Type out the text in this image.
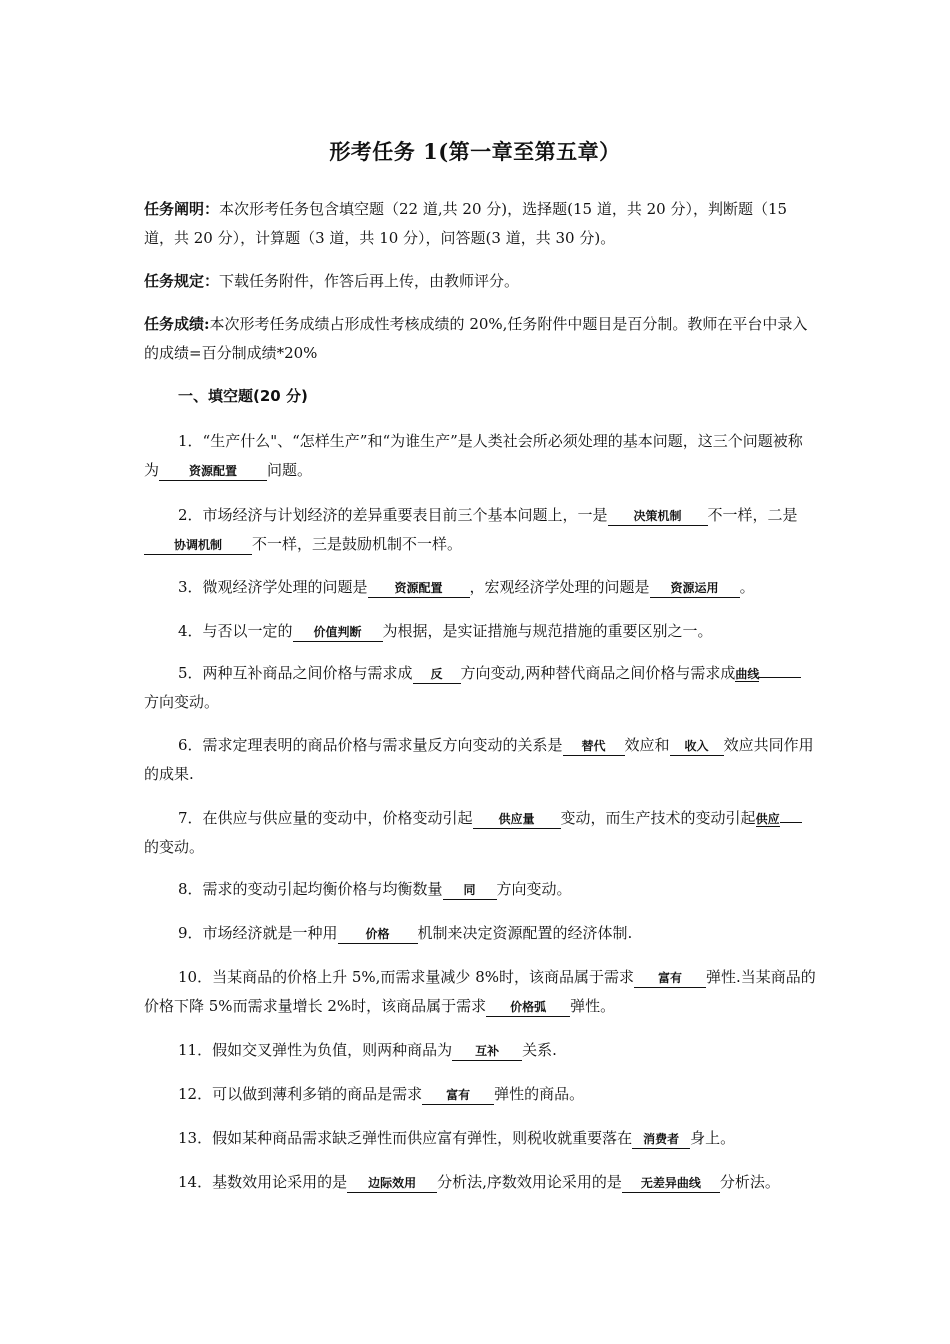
形考任务 1(第一章至第五章）
任务阐明：本次形考任务包含填空题（22 道,共 20 分)，选择题(15 道，共 20 分），判断题（15 道，共 20 分），计算题（3 道，共 10 分），问答题(3 道，共 30 分)。
任务规定：下载任务附件，作答后再上传，由教师评分。
任务成绩:本次形考任务成绩占形成性考核成绩的 20%,任务附件中题目是百分制。教师在平台中录入的成绩=百分制成绩*20%
一、填空题(20 分)
1．“生产什么"、“怎样生产”和“为谁生产”是人类社会所必须处理的基本问题，这三个问题被称为 资源配置 问题。
2．市场经济与计划经济的差异重要表目前三个基本问题上，一是 决策机制 不一样，二是协调机制 不一样，三是鼓励机制不一样。
3．微观经济学处理的问题是 资源配置 ，宏观经济学处理的问题是 资源运用 。
4．与否以一定的 价值判断 为根据，是实证措施与规范措施的重要区别之一。
5．两种互补商品之间价格与需求成 反 方向变动,两种替代商品之间价格与需求成曲线方向变动。
6．需求定理表明的商品价格与需求量反方向变动的关系是 替代 效应和 收入 效应共同作用的成果.
7．在供应与供应量的变动中，价格变动引起 供应量 变动，而生产技术的变动引起供应的变动。
8．需求的变动引起均衡价格与均衡数量 同 方向变动。
9．市场经济就是一种用 价格 机制来决定资源配置的经济体制.
10．当某商品的价格上升 5%,而需求量减少 8%时，该商品属于需求 富有 弹性.当某商品的价格下降 5%而需求量增长 2%时，该商品属于需求 价格弧 弹性。
11．假如交叉弹性为负值，则两种商品为 互补 关系.
12．可以做到薄利多销的商品是需求 富有 弹性的商品。
13．假如某种商品需求缺乏弹性而供应富有弹性，则税收就重要落在 消费者 身上。
14．基数效用论采用的是 边际效用 分析法,序数效用论采用的是 无差异曲线 分析法。
